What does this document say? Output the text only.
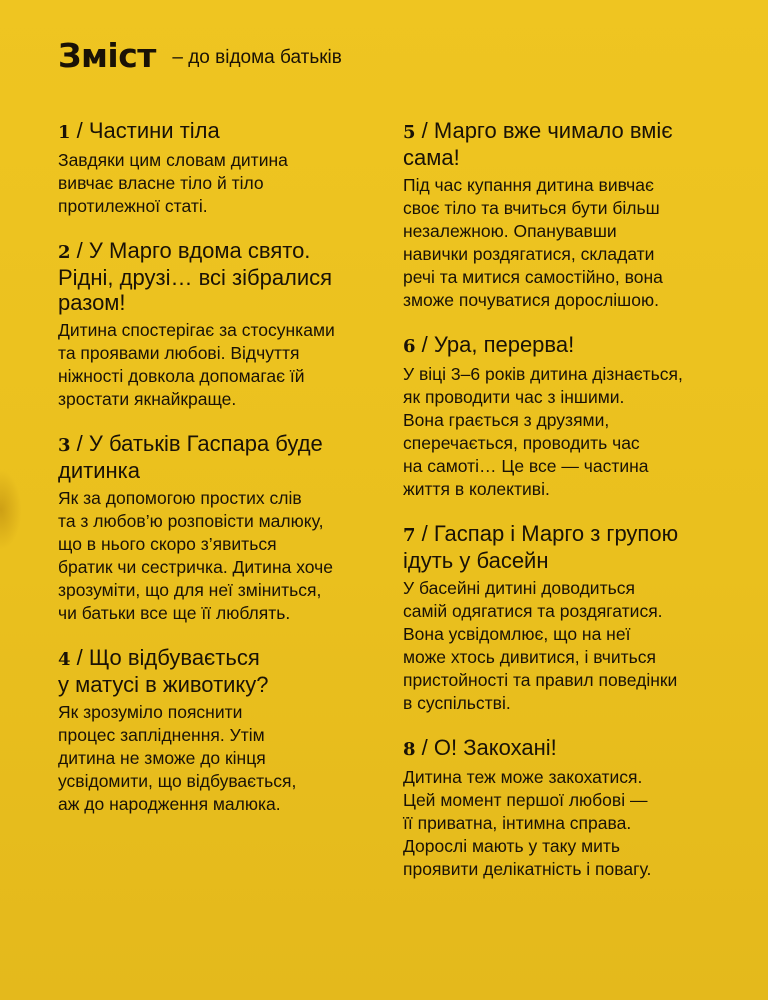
Зміст – до відома батьків
1 / Частини тіла
Завдяки цим словам дитина
вивчає власне тіло й тіло
протилежної статі.
2 / У Марго вдома свято.
Рідні, друзі… всі зібралися
разом!
Дитина спостерігає за стосунками
та проявами любові. Відчуття
ніжності довкола допомагає їй
зростати якнайкраще.
3 / У батьків Гаспара буде
дитинка
Як за допомогою простих слів
та з любов’ю розповісти малюку,
що в нього скоро з’явиться
братик чи сестричка. Дитина хоче
зрозуміти, що для неї зміниться,
чи батьки все ще її люблять.
4 / Що відбувається
у матусі в животику?
Як зрозуміло пояснити
процес запліднення. Утім
дитина не зможе до кінця
усвідомити, що відбувається,
аж до народження малюка.
5 / Марго вже чимало вміє
сама!
Під час купання дитина вивчає
своє тіло та вчиться бути більш
незалежною. Опанувавши
навички роздягатися, складати
речі та митися самостійно, вона
зможе почуватися дорослішою.
6 / Ура, перерва!
У віці 3–6 років дитина дізнається,
як проводити час з іншими.
Вона грається з друзями,
сперечається, проводить час
на самоті… Це все — частина
життя в колективі.
7 / Гаспар і Марго з групою
ідуть у басейн
У басейні дитині доводиться
самій одягатися та роздягатися.
Вона усвідомлює, що на неї
може хтось дивитися, і вчиться
пристойності та правил поведінки
в суспільстві.
8 / О! Закохані!
Дитина теж може закохатися.
Цей момент першої любові —
її приватна, інтимна справа.
Дорослі мають у таку мить
проявити делікатність і повагу.
